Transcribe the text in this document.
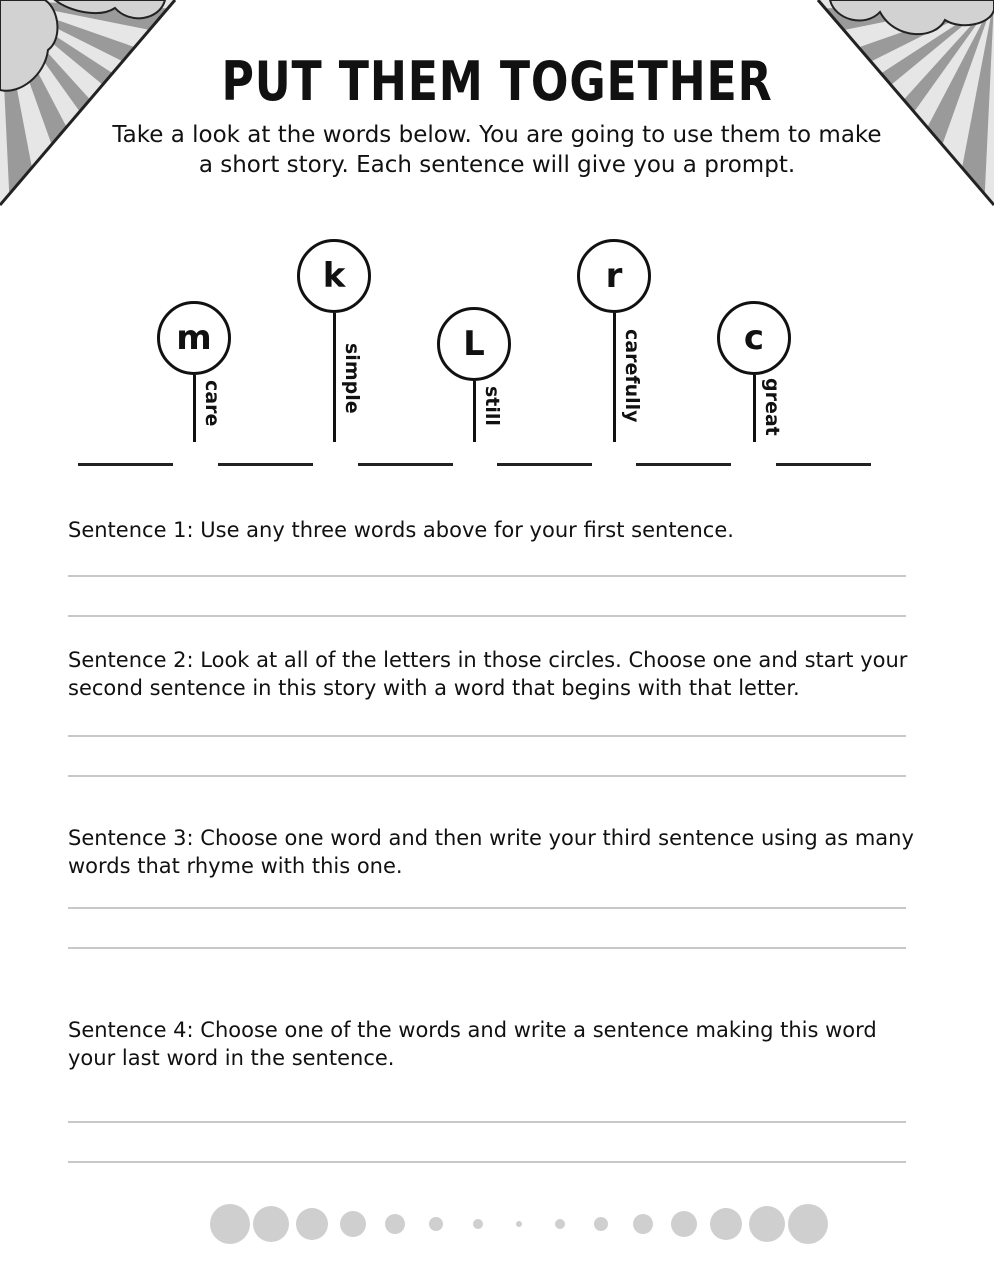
PUT THEM TOGETHER
Take a look at the words below. You are going to use them to make a short story. Each sentence will give you a prompt.
m
care
k
simple	L
still
r
carefully	c
great
Sentence 1: Use any three words above for your first sentence.
Sentence 2: Look at all of the letters in those circles. Choose one and start your second sentence in this story with a word that begins with that letter.
Sentence 3: Choose one word and then write your third sentence using as many words that rhyme with this one.
Sentence 4: Choose one of the words and write a sentence making this word your last word in the sentence.
